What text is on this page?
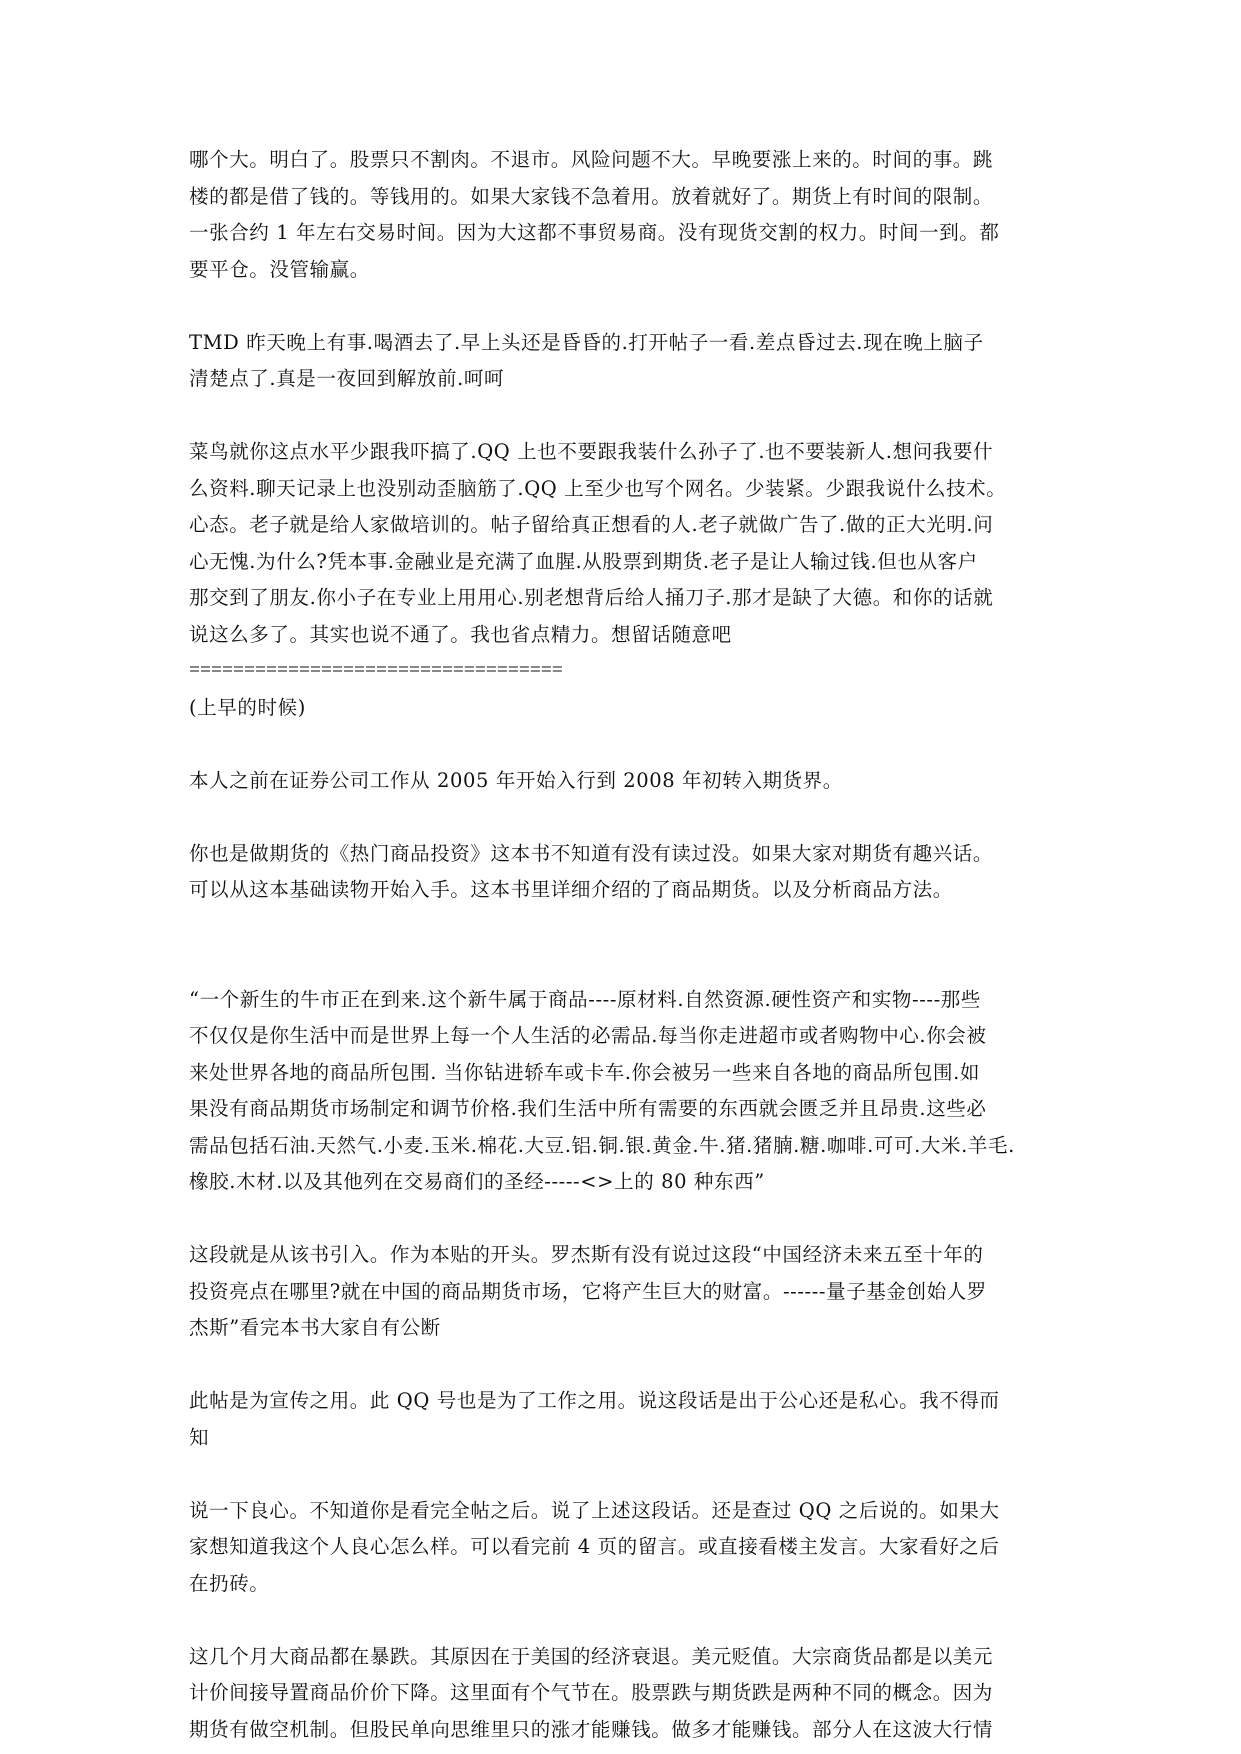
哪个大。明白了。股票只不割肉。不退市。风险问题不大。早晚要涨上来的。时间的事。跳
楼的都是借了钱的。等钱用的。如果大家钱不急着用。放着就好了。期货上有时间的限制。
一张合约 1 年左右交易时间。因为大这都不事贸易商。没有现货交割的权力。时间一到。都
要平仓。没管输赢。

TMD 昨天晚上有事.喝酒去了.早上头还是昏昏的.打开帖子一看.差点昏过去.现在晚上脑子
清楚点了.真是一夜回到解放前.呵呵

菜鸟就你这点水平少跟我吓搞了.QQ 上也不要跟我装什么孙子了.也不要装新人.想问我要什
么资料.聊天记录上也没别动歪脑筋了.QQ 上至少也写个网名。少装紧。少跟我说什么技术。
心态。老子就是给人家做培训的。帖子留给真正想看的人.老子就做广告了.做的正大光明.问
心无愧.为什么?凭本事.金融业是充满了血腥.从股票到期货.老子是让人输过钱.但也从客户
那交到了朋友.你小子在专业上用用心.别老想背后给人捅刀子.那才是缺了大德。和你的话就
说这么多了。其实也说不通了。我也省点精力。想留话随意吧

==================================

(上早的时候)

本人之前在证券公司工作从 2005 年开始入行到 2008 年初转入期货界。

你也是做期货的《热门商品投资》这本书不知道有没有读过没。如果大家对期货有趣兴话。
可以从这本基础读物开始入手。这本书里详细介绍的了商品期货。以及分析商品方法。

“一个新生的牛市正在到来.这个新牛属于商品----原材料.自然资源.硬性资产和实物----那些
不仅仅是你生活中而是世界上每一个人生活的必需品.每当你走进超市或者购物中心.你会被
来处世界各地的商品所包围. 当你钻进轿车或卡车.你会被另一些来自各地的商品所包围.如
果没有商品期货市场制定和调节价格.我们生活中所有需要的东西就会匮乏并且昂贵.这些必
需品包括石油.天然气.小麦.玉米.棉花.大豆.铝.铜.银.黄金.牛.猪.猪腩.糖.咖啡.可可.大米.羊毛.
橡胶.木材.以及其他列在交易商们的圣经-----<>上的 80 种东西”

这段就是从该书引入。作为本贴的开头。罗杰斯有没有说过这段“中国经济未来五至十年的
投资亮点在哪里?就在中国的商品期货市场，它将产生巨大的财富。------量子基金创始人罗
杰斯”看完本书大家自有公断

此帖是为宣传之用。此 QQ 号也是为了工作之用。说这段话是出于公心还是私心。我不得而
知

说一下良心。不知道你是看完全帖之后。说了上述这段话。还是查过 QQ 之后说的。如果大
家想知道我这个人良心怎么样。可以看完前 4 页的留言。或直接看楼主发言。大家看好之后
在扔砖。

这几个月大商品都在暴跌。其原因在于美国的经济衰退。美元贬值。大宗商货品都是以美元
计价间接导置商品价价下降。这里面有个气节在。股票跌与期货跌是两种不同的概念。因为
期货有做空机制。但股民单向思维里只的涨才能赚钱。做多才能赚钱。部分人在这波大行情
